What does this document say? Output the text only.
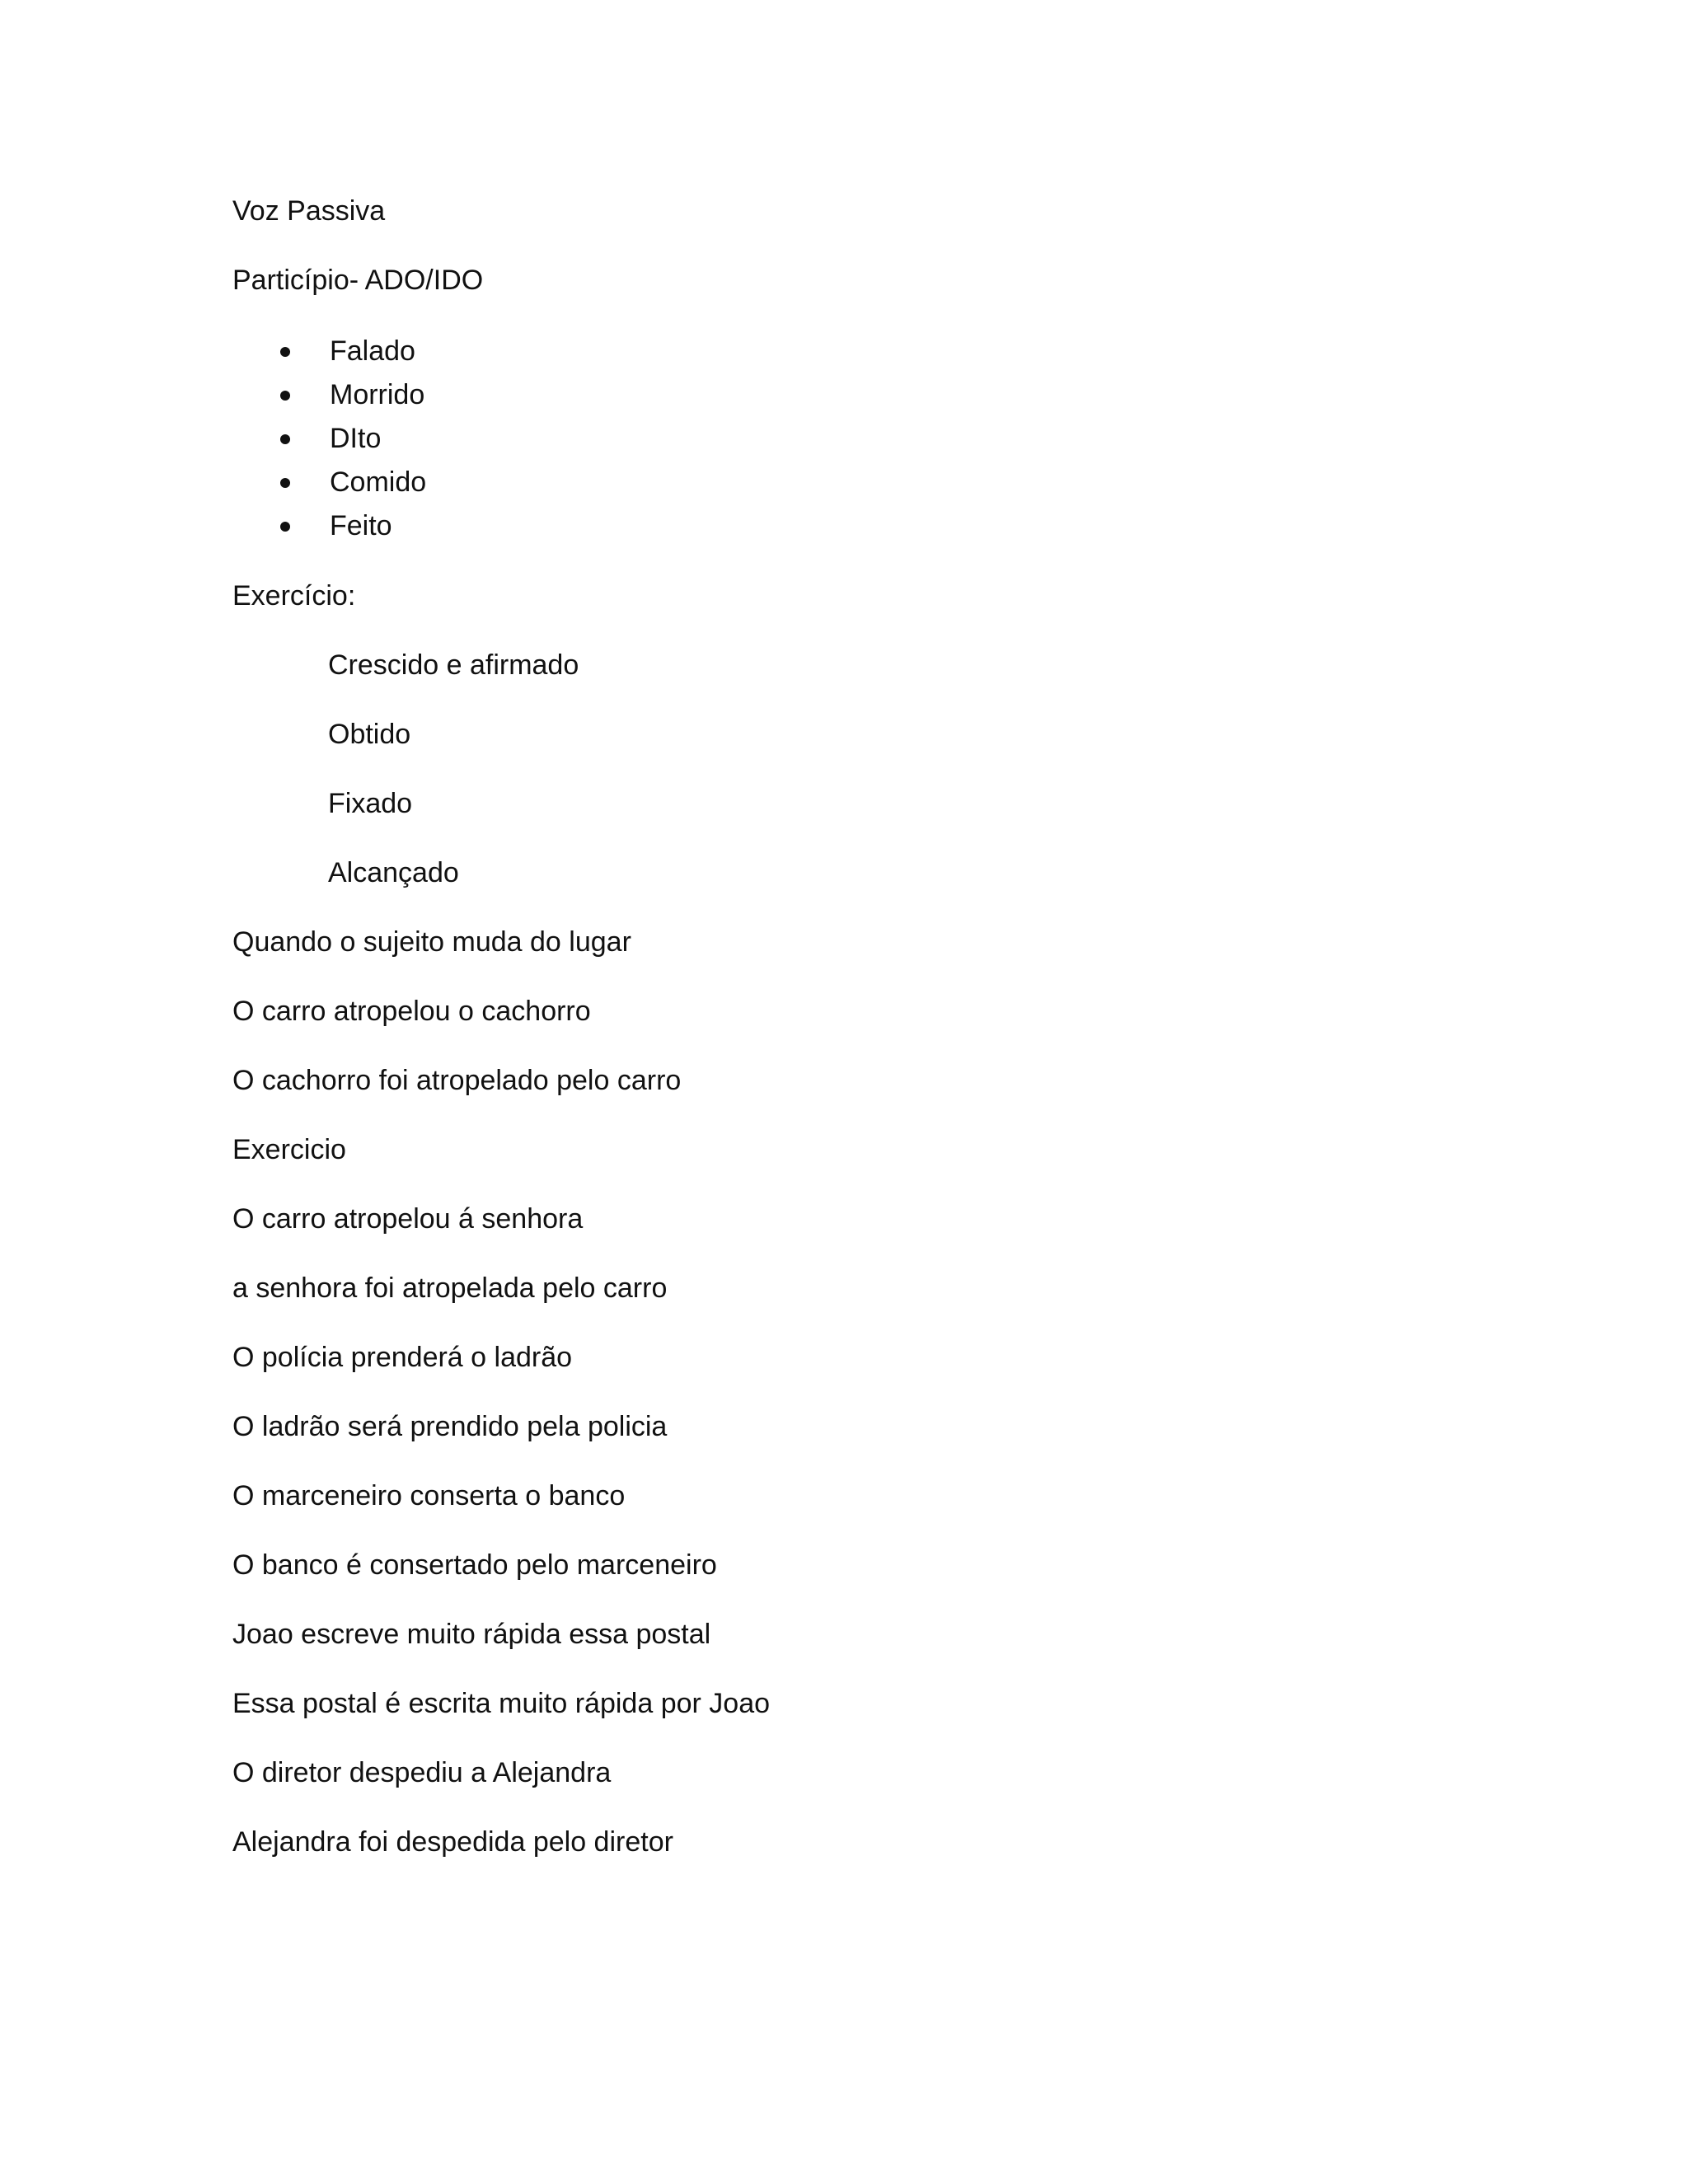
Voz Passiva
Particípio- ADO/IDO
Falado
Morrido
DIto
Comido
Feito
Exercício:
Crescido e afirmado
Obtido
Fixado
Alcançado
Quando o sujeito muda do lugar
O carro atropelou o cachorro
O cachorro foi atropelado pelo carro
Exercicio
O carro atropelou á senhora
a senhora foi atropelada pelo carro
O polícia prenderá o ladrão
O ladrão será prendido pela policia
O marceneiro conserta o banco
O banco é consertado pelo marceneiro
Joao escreve muito rápida essa postal
Essa postal é escrita muito rápida por Joao
O diretor despediu a Alejandra
Alejandra foi despedida pelo diretor
